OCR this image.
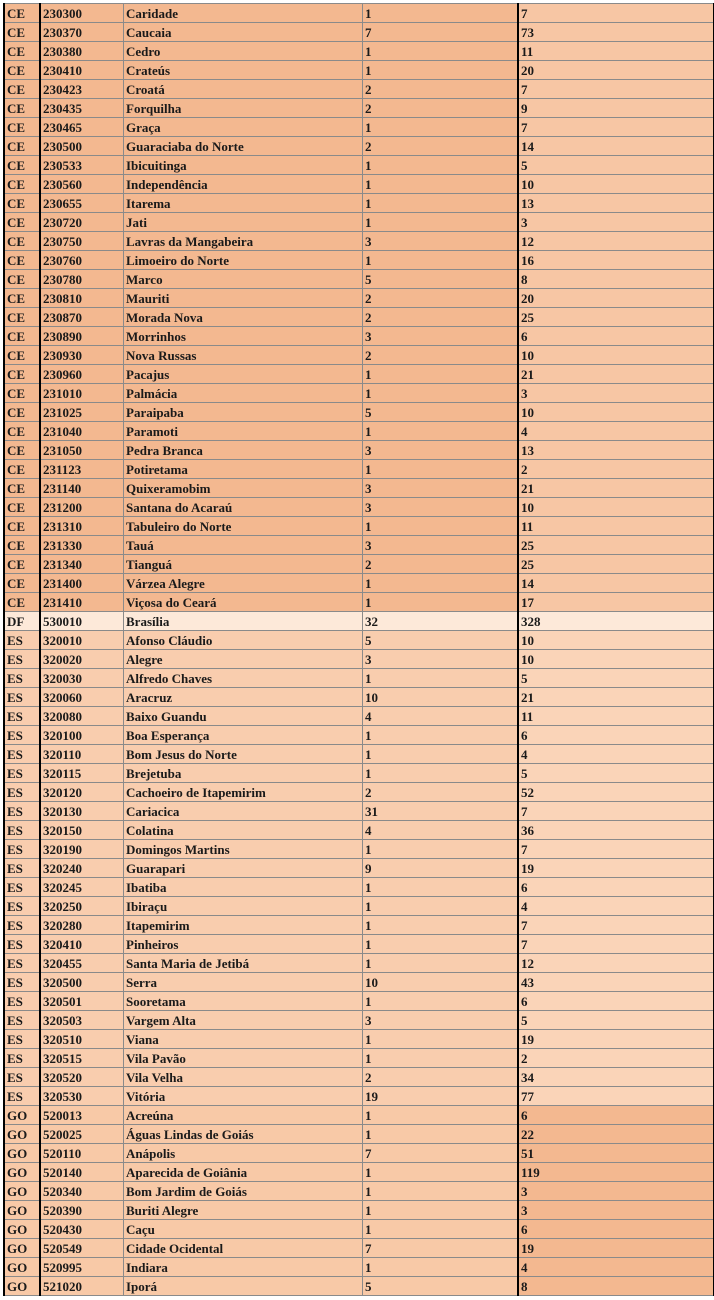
CE	230300	Caridade	1	7
CE	230370	Caucaia	7	73
CE	230380	Cedro	1	11
CE	230410	Crateús	1	20
CE	230423	Croatá	2	7
CE	230435	Forquilha	2	9
CE	230465	Graça	1	7
CE	230500	Guaraciaba do Norte	2	14
CE	230533	Ibicuitinga	1	5
CE	230560	Independência	1	10
CE	230655	Itarema	1	13
CE	230720	Jati	1	3
CE	230750	Lavras da Mangabeira	3	12
CE	230760	Limoeiro do Norte	1	16
CE	230780	Marco	5	8
CE	230810	Mauriti	2	20
CE	230870	Morada Nova	2	25
CE	230890	Morrinhos	3	6
CE	230930	Nova Russas	2	10
CE	230960	Pacajus	1	21
CE	231010	Palmácia	1	3
CE	231025	Paraipaba	5	10
CE	231040	Paramoti	1	4
CE	231050	Pedra Branca	3	13
CE	231123	Potiretama	1	2
CE	231140	Quixeramobim	3	21
CE	231200	Santana do Acaraú	3	10
CE	231310	Tabuleiro do Norte	1	11
CE	231330	Tauá	3	25
CE	231340	Tianguá	2	25
CE	231400	Várzea Alegre	1	14
CE	231410	Viçosa do Ceará	1	17
DF	530010	Brasília	32	328
ES	320010	Afonso Cláudio	5	10
ES	320020	Alegre	3	10
ES	320030	Alfredo Chaves	1	5
ES	320060	Aracruz	10	21
ES	320080	Baixo Guandu	4	11
ES	320100	Boa Esperança	1	6
ES	320110	Bom Jesus do Norte	1	4
ES	320115	Brejetuba	1	5
ES	320120	Cachoeiro de Itapemirim	2	52
ES	320130	Cariacica	31	7
ES	320150	Colatina	4	36
ES	320190	Domingos Martins	1	7
ES	320240	Guarapari	9	19
ES	320245	Ibatiba	1	6
ES	320250	Ibiraçu	1	4
ES	320280	Itapemirim	1	7
ES	320410	Pinheiros	1	7
ES	320455	Santa Maria de Jetibá	1	12
ES	320500	Serra	10	43
ES	320501	Sooretama	1	6
ES	320503	Vargem Alta	3	5
ES	320510	Viana	1	19
ES	320515	Vila Pavão	1	2
ES	320520	Vila Velha	2	34
ES	320530	Vitória	19	77
GO	520013	Acreúna	1	6
GO	520025	Águas Lindas de Goiás	1	22
GO	520110	Anápolis	7	51
GO	520140	Aparecida de Goiânia	1	119
GO	520340	Bom Jardim de Goiás	1	3
GO	520390	Buriti Alegre	1	3
GO	520430	Caçu	1	6
GO	520549	Cidade Ocidental	7	19
GO	520995	Indiara	1	4
GO	521020	Iporá	5	8
